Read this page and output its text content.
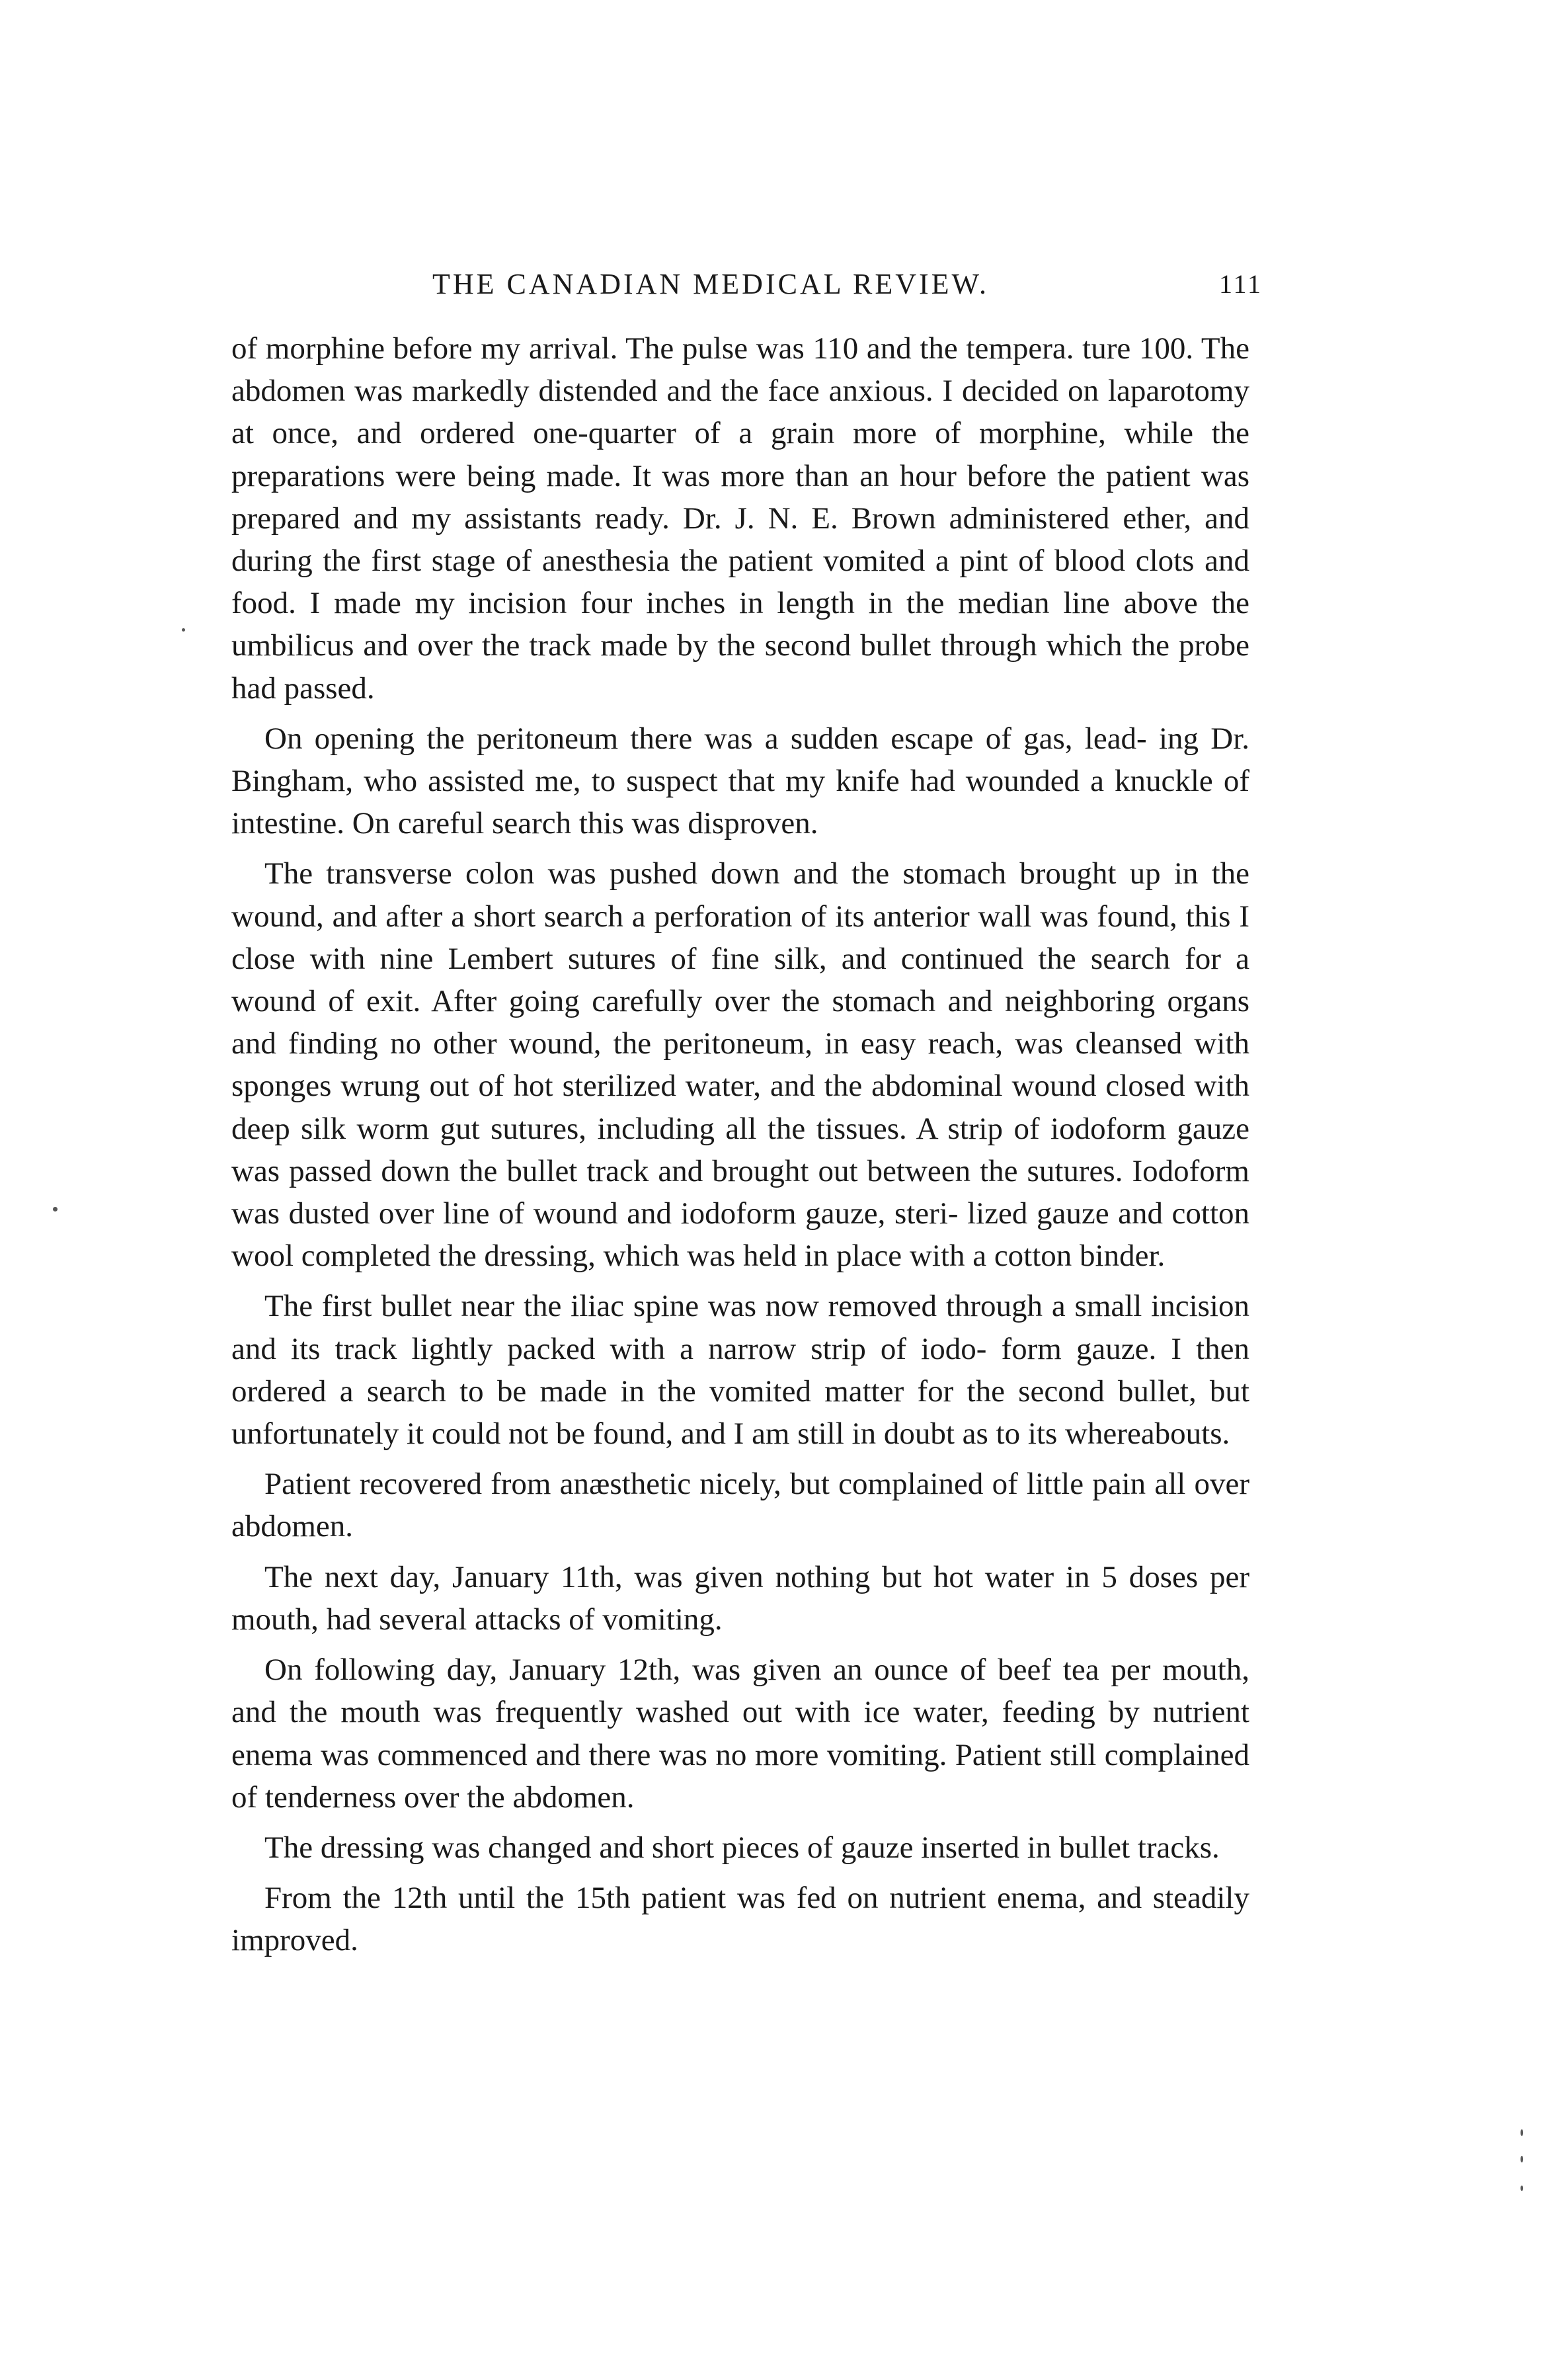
THE CANADIAN MEDICAL REVIEW.	111

of morphine before my arrival. The pulse was 110 and the tempera. ture 100. The abdomen was markedly distended and the face anxious. I decided on laparotomy at once, and ordered one-quarter of a grain more of morphine, while the preparations were being made. It was more than an hour before the patient was prepared and my assistants ready. Dr. J. N. E. Brown administered ether, and during the first stage of anesthesia the patient vomited a pint of blood clots and food. I made my incision four inches in length in the median line above the umbilicus and over the track made by the second bullet through which the probe had passed.

On opening the peritoneum there was a sudden escape of gas, lead- ing Dr. Bingham, who assisted me, to suspect that my knife had wounded a knuckle of intestine. On careful search this was disproven.

The transverse colon was pushed down and the stomach brought up in the wound, and after a short search a perforation of its anterior wall was found, this I close with nine Lembert sutures of fine silk, and continued the search for a wound of exit. After going carefully over the stomach and neighboring organs and finding no other wound, the peritoneum, in easy reach, was cleansed with sponges wrung out of hot sterilized water, and the abdominal wound closed with deep silk worm gut sutures, including all the tissues. A strip of iodoform gauze was passed down the bullet track and brought out between the sutures. Iodoform was dusted over line of wound and iodoform gauze, steri- lized gauze and cotton wool completed the dressing, which was held in place with a cotton binder.

The first bullet near the iliac spine was now removed through a small incision and its track lightly packed with a narrow strip of iodo- form gauze. I then ordered a search to be made in the vomited matter for the second bullet, but unfortunately it could not be found, and I am still in doubt as to its whereabouts.

Patient recovered from anæsthetic nicely, but complained of little pain all over abdomen.

The next day, January 11th, was given nothing but hot water in 5 doses per mouth, had several attacks of vomiting.

On following day, January 12th, was given an ounce of beef tea per mouth, and the mouth was frequently washed out with ice water, feeding by nutrient enema was commenced and there was no more vomiting. Patient still complained of tenderness over the abdomen.

The dressing was changed and short pieces of gauze inserted in bullet tracks.

From the 12th until the 15th patient was fed on nutrient enema, and steadily improved.
